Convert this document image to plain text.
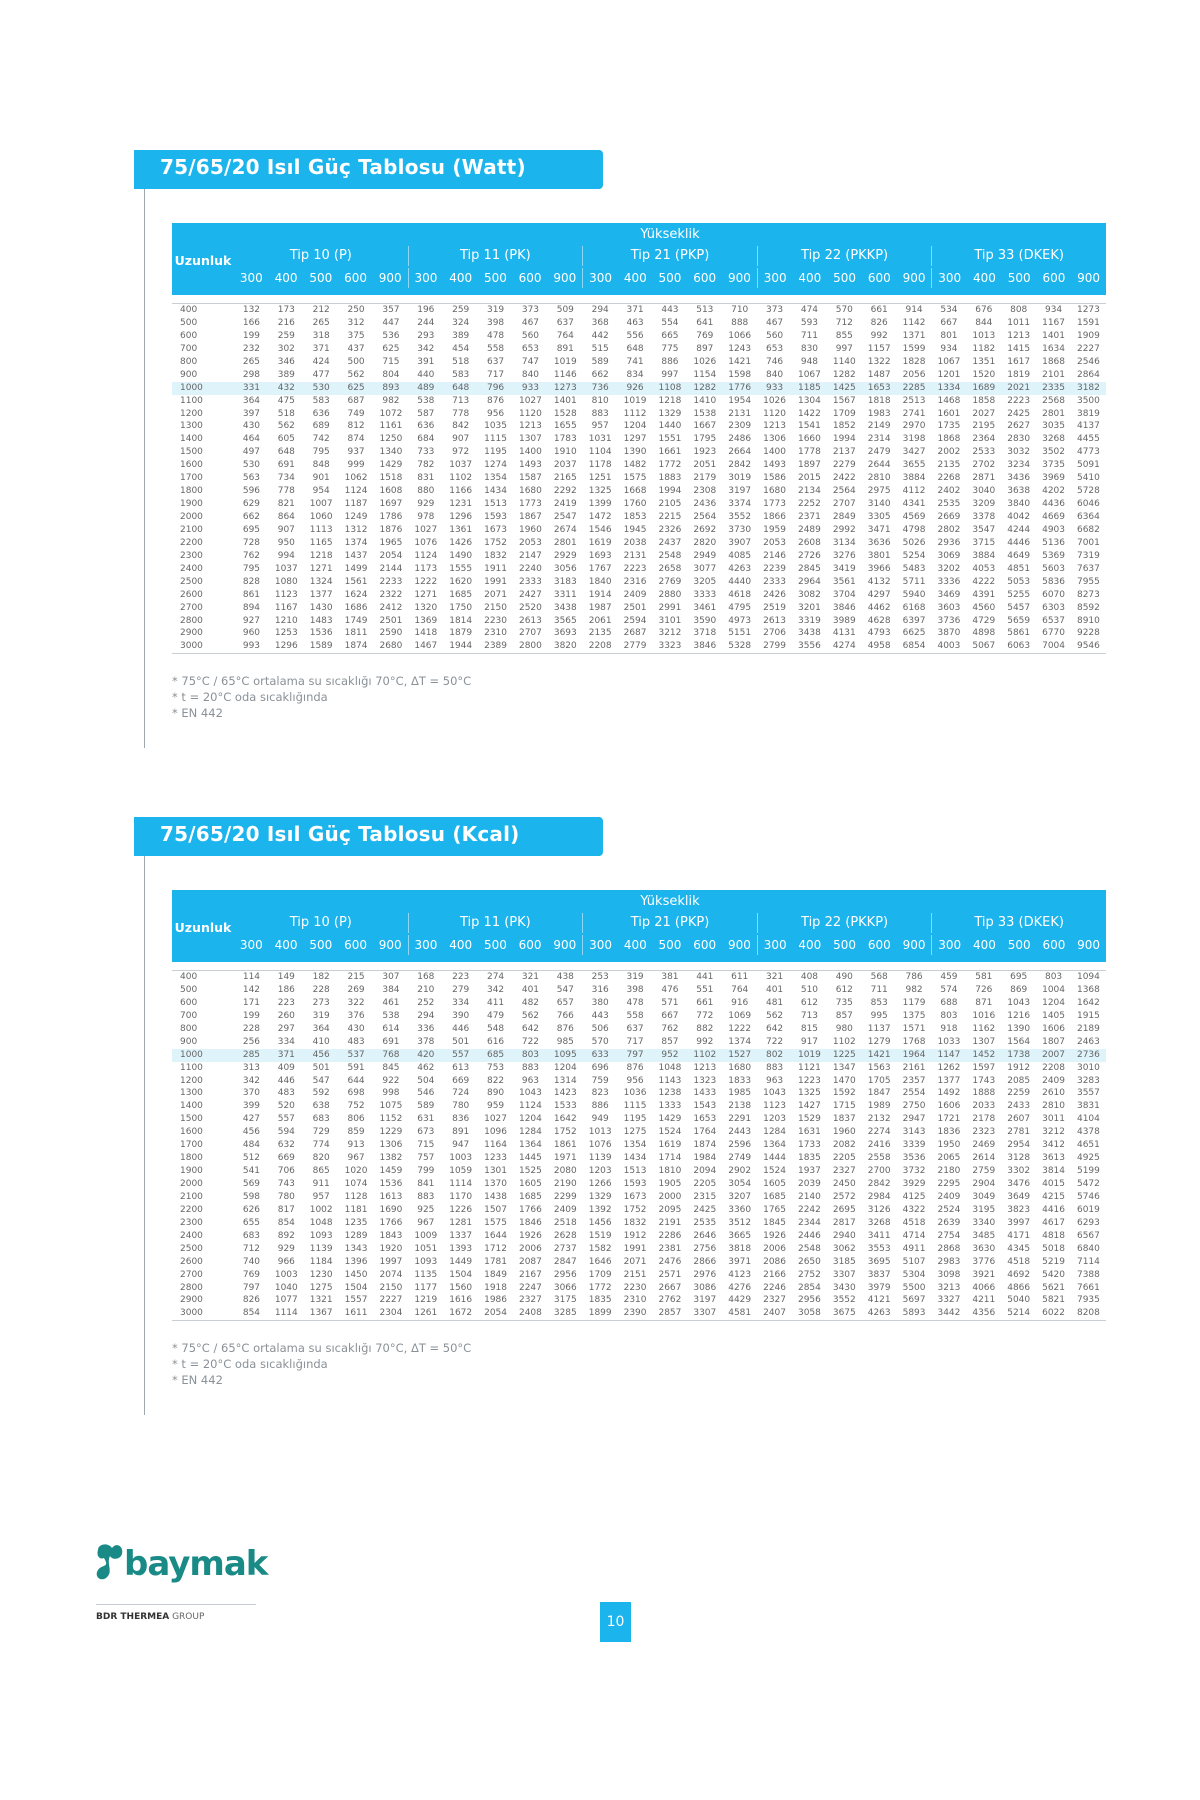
75/65/20 Isıl Güç Tablosu (Watt)
Uzunluk
Yükseklik
Tip 10 (P)	Tip 11 (PK)	Tip 21 (PKP)	Tip 22 (PKKP)	Tip 33 (DKEK)
300 400 500 600 900	300 400 500 600 900	300 400 500 600 900	300 400 500 600 900	300 400 500 600 900
400	132	173	212	250	357	196	259	319	373	509	294	371	443	513	710	373	474	570	661	914	534	676	808	934	1273
500	166	216	265	312	447	244	324	398	467	637	368	463	554	641	888	467	593	712	826	1142	667	844	1011	1167	1591
600	199	259	318	375	536	293	389	478	560	764	442	556	665	769	1066	560	711	855	992	1371	801	1013	1213	1401	1909
700	232	302	371	437	625	342	454	558	653	891	515	648	775	897	1243	653	830	997	1157	1599	934	1182	1415	1634	2227
800	265	346	424	500	715	391	518	637	747	1019	589	741	886	1026	1421	746	948	1140	1322	1828	1067	1351	1617	1868	2546
900	298	389	477	562	804	440	583	717	840	1146	662	834	997	1154	1598	840	1067	1282	1487	2056	1201	1520	1819	2101	2864
1000	331	432	530	625	893	489	648	796	933	1273	736	926	1108	1282	1776	933	1185	1425	1653	2285	1334	1689	2021	2335	3182
1100	364	475	583	687	982	538	713	876	1027	1401	810	1019	1218	1410	1954	1026	1304	1567	1818	2513	1468	1858	2223	2568	3500
1200	397	518	636	749	1072	587	778	956	1120	1528	883	1112	1329	1538	2131	1120	1422	1709	1983	2741	1601	2027	2425	2801	3819
1300	430	562	689	812	1161	636	842	1035	1213	1655	957	1204	1440	1667	2309	1213	1541	1852	2149	2970	1735	2195	2627	3035	4137
1400	464	605	742	874	1250	684	907	1115	1307	1783	1031	1297	1551	1795	2486	1306	1660	1994	2314	3198	1868	2364	2830	3268	4455
1500	497	648	795	937	1340	733	972	1195	1400	1910	1104	1390	1661	1923	2664	1400	1778	2137	2479	3427	2002	2533	3032	3502	4773
1600	530	691	848	999	1429	782	1037	1274	1493	2037	1178	1482	1772	2051	2842	1493	1897	2279	2644	3655	2135	2702	3234	3735	5091
1700	563	734	901	1062	1518	831	1102	1354	1587	2165	1251	1575	1883	2179	3019	1586	2015	2422	2810	3884	2268	2871	3436	3969	5410
1800	596	778	954	1124	1608	880	1166	1434	1680	2292	1325	1668	1994	2308	3197	1680	2134	2564	2975	4112	2402	3040	3638	4202	5728
1900	629	821	1007	1187	1697	929	1231	1513	1773	2419	1399	1760	2105	2436	3374	1773	2252	2707	3140	4341	2535	3209	3840	4436	6046
2000	662	864	1060	1249	1786	978	1296	1593	1867	2547	1472	1853	2215	2564	3552	1866	2371	2849	3305	4569	2669	3378	4042	4669	6364
2100	695	907	1113	1312	1876	1027	1361	1673	1960	2674	1546	1945	2326	2692	3730	1959	2489	2992	3471	4798	2802	3547	4244	4903	6682
2200	728	950	1165	1374	1965	1076	1426	1752	2053	2801	1619	2038	2437	2820	3907	2053	2608	3134	3636	5026	2936	3715	4446	5136	7001
2300	762	994	1218	1437	2054	1124	1490	1832	2147	2929	1693	2131	2548	2949	4085	2146	2726	3276	3801	5254	3069	3884	4649	5369	7319
2400	795	1037	1271	1499	2144	1173	1555	1911	2240	3056	1767	2223	2658	3077	4263	2239	2845	3419	3966	5483	3202	4053	4851	5603	7637
2500	828	1080	1324	1561	2233	1222	1620	1991	2333	3183	1840	2316	2769	3205	4440	2333	2964	3561	4132	5711	3336	4222	5053	5836	7955
2600	861	1123	1377	1624	2322	1271	1685	2071	2427	3311	1914	2409	2880	3333	4618	2426	3082	3704	4297	5940	3469	4391	5255	6070	8273
2700	894	1167	1430	1686	2412	1320	1750	2150	2520	3438	1987	2501	2991	3461	4795	2519	3201	3846	4462	6168	3603	4560	5457	6303	8592
2800	927	1210	1483	1749	2501	1369	1814	2230	2613	3565	2061	2594	3101	3590	4973	2613	3319	3989	4628	6397	3736	4729	5659	6537	8910
2900	960	1253	1536	1811	2590	1418	1879	2310	2707	3693	2135	2687	3212	3718	5151	2706	3438	4131	4793	6625	3870	4898	5861	6770	9228
3000	993	1296	1589	1874	2680	1467	1944	2389	2800	3820	2208	2779	3323	3846	5328	2799	3556	4274	4958	6854	4003	5067	6063	7004	9546
* 75°C / 65°C ortalama su sıcaklığı 70°C, ΔT = 50°C
* t = 20°C oda sıcaklığında
* EN 442
75/65/20 Isıl Güç Tablosu (Kcal)
Uzunluk
Yükseklik
Tip 10 (P)	Tip 11 (PK)	Tip 21 (PKP)	Tip 22 (PKKP)	Tip 33 (DKEK)
300 400 500 600 900	300 400 500 600 900	300 400 500 600 900	300 400 500 600 900	300 400 500 600 900
400	114	149	182	215	307	168	223	274	321	438	253	319	381	441	611	321	408	490	568	786	459	581	695	803	1094
500	142	186	228	269	384	210	279	342	401	547	316	398	476	551	764	401	510	612	711	982	574	726	869	1004	1368
600	171	223	273	322	461	252	334	411	482	657	380	478	571	661	916	481	612	735	853	1179	688	871	1043	1204	1642
700	199	260	319	376	538	294	390	479	562	766	443	558	667	772	1069	562	713	857	995	1375	803	1016	1216	1405	1915
800	228	297	364	430	614	336	446	548	642	876	506	637	762	882	1222	642	815	980	1137	1571	918	1162	1390	1606	2189
900	256	334	410	483	691	378	501	616	722	985	570	717	857	992	1374	722	917	1102	1279	1768	1033	1307	1564	1807	2463
1000	285	371	456	537	768	420	557	685	803	1095	633	797	952	1102	1527	802	1019	1225	1421	1964	1147	1452	1738	2007	2736
1100	313	409	501	591	845	462	613	753	883	1204	696	876	1048	1213	1680	883	1121	1347	1563	2161	1262	1597	1912	2208	3010
1200	342	446	547	644	922	504	669	822	963	1314	759	956	1143	1323	1833	963	1223	1470	1705	2357	1377	1743	2085	2409	3283
1300	370	483	592	698	998	546	724	890	1043	1423	823	1036	1238	1433	1985	1043	1325	1592	1847	2554	1492	1888	2259	2610	3557
1400	399	520	638	752	1075	589	780	959	1124	1533	886	1115	1333	1543	2138	1123	1427	1715	1989	2750	1606	2033	2433	2810	3831
1500	427	557	683	806	1152	631	836	1027	1204	1642	949	1195	1429	1653	2291	1203	1529	1837	2132	2947	1721	2178	2607	3011	4104
1600	456	594	729	859	1229	673	891	1096	1284	1752	1013	1275	1524	1764	2443	1284	1631	1960	2274	3143	1836	2323	2781	3212	4378
1700	484	632	774	913	1306	715	947	1164	1364	1861	1076	1354	1619	1874	2596	1364	1733	2082	2416	3339	1950	2469	2954	3412	4651
1800	512	669	820	967	1382	757	1003	1233	1445	1971	1139	1434	1714	1984	2749	1444	1835	2205	2558	3536	2065	2614	3128	3613	4925
1900	541	706	865	1020	1459	799	1059	1301	1525	2080	1203	1513	1810	2094	2902	1524	1937	2327	2700	3732	2180	2759	3302	3814	5199
2000	569	743	911	1074	1536	841	1114	1370	1605	2190	1266	1593	1905	2205	3054	1605	2039	2450	2842	3929	2295	2904	3476	4015	5472
2100	598	780	957	1128	1613	883	1170	1438	1685	2299	1329	1673	2000	2315	3207	1685	2140	2572	2984	4125	2409	3049	3649	4215	5746
2200	626	817	1002	1181	1690	925	1226	1507	1766	2409	1392	1752	2095	2425	3360	1765	2242	2695	3126	4322	2524	3195	3823	4416	6019
2300	655	854	1048	1235	1766	967	1281	1575	1846	2518	1456	1832	2191	2535	3512	1845	2344	2817	3268	4518	2639	3340	3997	4617	6293
2400	683	892	1093	1289	1843	1009	1337	1644	1926	2628	1519	1912	2286	2646	3665	1926	2446	2940	3411	4714	2754	3485	4171	4818	6567
2500	712	929	1139	1343	1920	1051	1393	1712	2006	2737	1582	1991	2381	2756	3818	2006	2548	3062	3553	4911	2868	3630	4345	5018	6840
2600	740	966	1184	1396	1997	1093	1449	1781	2087	2847	1646	2071	2476	2866	3971	2086	2650	3185	3695	5107	2983	3776	4518	5219	7114
2700	769	1003	1230	1450	2074	1135	1504	1849	2167	2956	1709	2151	2571	2976	4123	2166	2752	3307	3837	5304	3098	3921	4692	5420	7388
2800	797	1040	1275	1504	2150	1177	1560	1918	2247	3066	1772	2230	2667	3086	4276	2246	2854	3430	3979	5500	3213	4066	4866	5621	7661
2900	826	1077	1321	1557	2227	1219	1616	1986	2327	3175	1835	2310	2762	3197	4429	2327	2956	3552	4121	5697	3327	4211	5040	5821	7935
3000	854	1114	1367	1611	2304	1261	1672	2054	2408	3285	1899	2390	2857	3307	4581	2407	3058	3675	4263	5893	3442	4356	5214	6022	8208
* 75°C / 65°C ortalama su sıcaklığı 70°C, ΔT = 50°C
* t = 20°C oda sıcaklığında
* EN 442
baymak
BDR THERMEA GROUP	10
